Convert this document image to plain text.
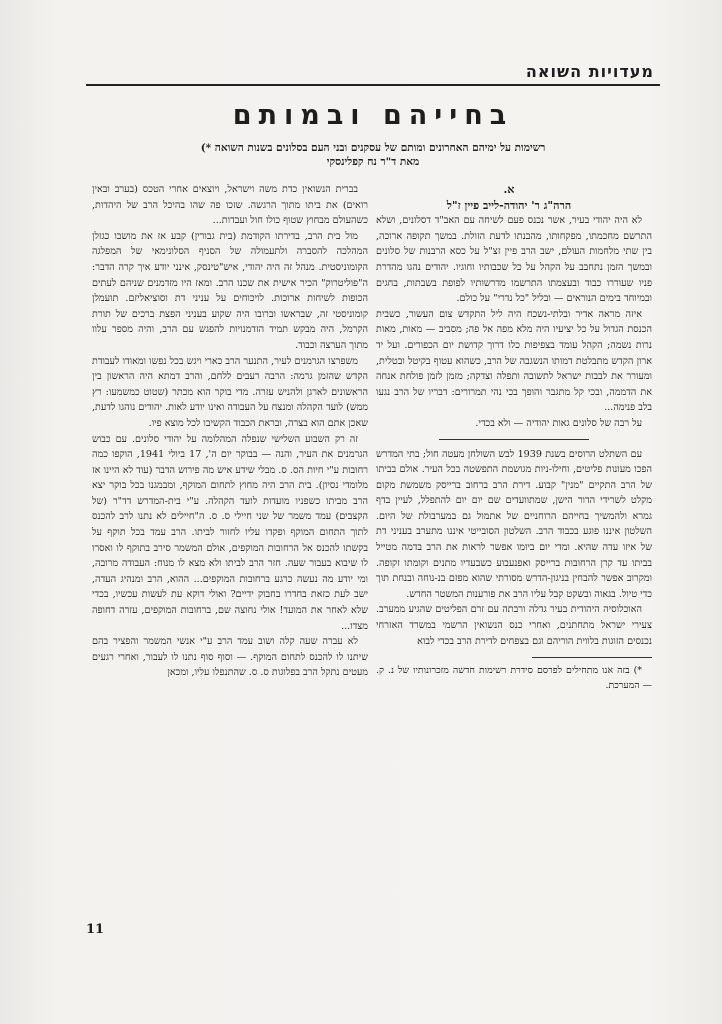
מעדויות השואה
בחייהם ובמותם
רשימות על ימיהם האחרונים ומותם של עסקנים ובני העם בסלונים בשנות השואה *)
מאת ד"ר נח קפלינסקי

א.

הרה"ג ר' יהודה-לייב פיין ז"ל

לא היה יהודי בעיר, אשר נכנס פעם לשיחה עם האב"ד דסלונים, ושלא התרשם מחכמתו, מפקחותו, מהבנתו לדעת הזולת. במשך תקופה ארוכה, בין שתי מלחמות העולם, ישב הרב פיין זצ"ל על כסא הרבנות של סלונים ובמשך הזמן נתחבב על הקהל על כל שכבותיו וחוגיו. יהודים נהגו מהדרת פניו שעוררו כבוד ובעצמתו התרשמו מדרשותיו לפופת בשבתות, בחגים ובמיוחד בימים הנוראים — ובליל "כל נדרי" על כולם.

איזה מראה אדיר ובלתי-נשכח היה ליל התקדש צום העשור, כשבית הכנסת הגדול על כל יציעיו היה מלא מפה אל פה; מסביב — מאות, מאות נרות נשמה; הקהל עומד בצפיפות כלו דרוך קדושת יום הכפורים. ועל יד ארון הקדש מתבלטת דמותו הנשגבה של הרב, כשהוא עטוף בקיטל ובטלית, ומעורר את לבבות ישראל לתשובה ותפלה וצדקה; מזמן לזמן פולחת אנחה את הדממה, ובכי קל מתגבר והופך בכי נהי תמרורים: דבריו של הרב נגעו בלב פנימה...

על רבה של סלונים גאות יהודיה — ולא בכדי.

עם השתלט הרוסים בשנת 1939 לבש השולחן מעטה חול; בתי המדרש הפכו מעונות פליטים, וחילו-ניות מגושמת התפשטה בכל העיר. אולם בביתו של הרב התקיים "מנין" קבוע. דירת הרב ברחוב ברייסק משמשת מקום מקלט לשרידי הדור הישן, שמתוועדים שם יום יום להתפלל, לעיין בדף גמרא ולהמשיך בחייהם הרוחניים של אתמול גם במערבולת של היום. השלטון איננו פוגע בכבוד הרב. השלטון הסובייטי איננו מתערב בעניני דת של איזו עדה שהיא. ומדי יום ביומו אפשר לראות את הרב בדמה מטייל בביתו עד קרן הרחובות ברייסק ואפנעבוע כשבעדיו מתנים וקומתו זקופה. ומקרוב אפשר להבחין בניגון-הדרש מסורתי שהוא מפזם בנ-נוחה ובנחת תוך כדי טיול. בגאוה ובשקט קבל עליו הרב את פורענות המשטר החדש.

האוכלוסיה היהודית בעיר גדלה ורבתה עם זרם הפליטים שהגיע ממערב. צעירי ישראל מתחתנים, ואחרי כנס הנשואין הרשמי במשרד האזרחי נכנסים הזוגות בלווית הוריהם וגם בצפחים לדירת הרב בכדי לבוא

*) בזה אנו מתחילים לפרסם סידרת רשימות חדשה מזכרונותיו של נ. ק. — המערכת.

בברית הנשואין כדת משה וישראל, ויוצאים אחרי הטכס (בערב ובאין רואים) את ביתו מתוך הרגשה. שזכו פה שהו בהיכל הרב של היהדות, כשהעולם מבחוץ שטוף כולו חול ועבדות...

מול בית הרב, בדירתו הקודמת (בית גבורין) קבע אז את מושבו כגזלן המהלכה להסברה ולתעמולה של הסניף הסלונימאי של המפלגה הקומוניסטית. מנהל זה היה יהודי, איש"טינסק, אינני יודע איך קרה הדבר: ה"פוליטרוק" הכיר אישית את שכנו הרב. ומאז היו מזדמנים שניהם לעתים הכופות לשיחות ארוכות. לויכוחים על עניני דת וסוציאליזם. תועמלן קומוניסטי זה, שבראשו וברובו היה שקוע בעניני הפצת ברכים של תורת הקרמל, היה מבקש תמיד הזדמנויות להפגש עם הרב, והיה מספר עלוו מתוך הערצה וכבוד.

משפרצו הגרמנים לעיר, התנער הרב כארי ויגש בכל נפשו ומאודו לעבודת הקדש שהזמן גרמה: הרבה רעבים ללחם, והרב דמתא היה הראשון בין הראשונים לארגן ולהניש עזרה. מדי בוקר הוא מכתר (שטוט כמשמעו: רץ ממש) לועד הקהלה ומנצח על העבודה ואינו יודע לאות. יהודים נוהגו לדעת, שאכן אתם הוא בצרה, ובראת הכבוד הקשיבו לכל מוצא פיו.

זה רק השבוע השלישי שנפלה המהלומה על יהודי סלונים. עם כבוש הגרמנים את העיר, והנה — בבוקר יום ה', 17 ביולי 1941, הוקפו כמה רחובות ע"י חיות הס. ס. מבלי שידע איש מה פירוש הדבר (עוד לא היינו אז מלומדי נסיון). בית הרב היה מחוץ לתחום המוקף, ומבמגנו בכל בוקר יצא הרב מביתו כשפניו מועדות לועד הקהלה. ע"י בית-המדרש דד"ר (של הקצבים) עמד משמר של שני חיילי ס. ס. ה"חיילים לא נתנו לרב להכנס לתוך התחום המוקף ופקדו עליו לחזור לביתו. הרב עמד בכל תוקף על בקשתו להכנס אל הרחובות המוקפים, אולם המשמר סירב בתוקף לו ואסרו לו שיבוא בעבור שעה. חזר הרב לביתו ולא מצא לו מנוח: העבודה מרובה, ומי יודע מה נעשה כרגע ברחובות המוקפים... ההוא, הרב ומנהיג העדה, ישב לעת כזאת בחדרו בחבוק ידיים? ואולי דוקא עת לעשות עכשיו, בכדי שלא לאחר את המועד! אולי נחוצה שם, ברחובות המוקפים, עזרה דחופה מצדו...

לא עברה שעה קלה ושוב עמד הרב ע"י אנשי המשמר והפציר בהם שיתנו לו להכנס לתחום המוקף. — וסוף סוף נתנו לו לעבור, ואחרי רגעים מעטים נתקל הרב בפלוגות ס. ס. שהתנפלו עליו, ומכאן

11
